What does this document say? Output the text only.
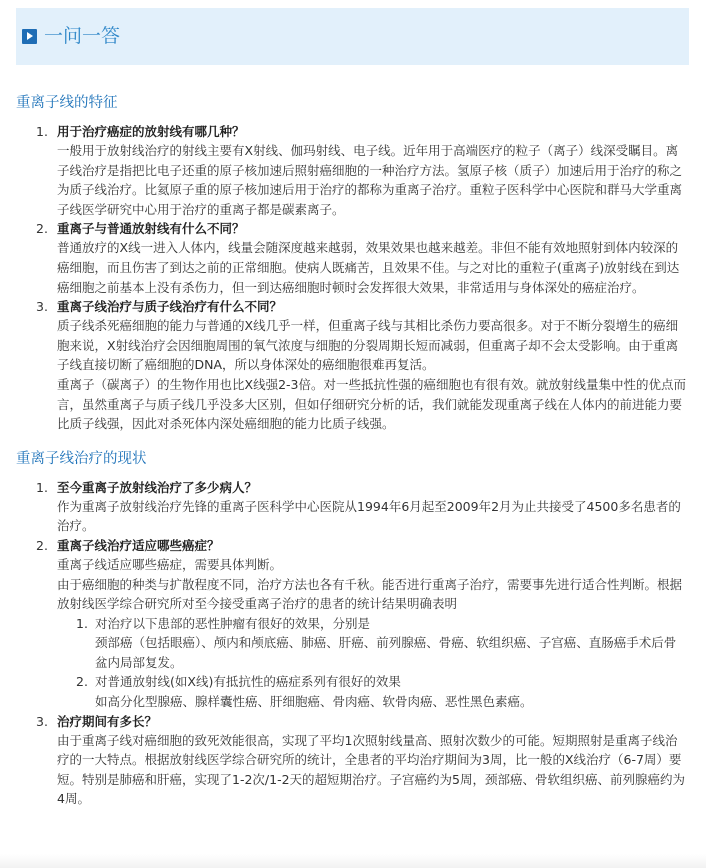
一问一答
重离子线的特征
1. 用于治疗癌症的放射线有哪几种？

一般用于放射线治疗的射线主要有X射线、伽玛射线、电子线。近年用于高端医疗的粒子（离子）线深受瞩目。离子线治疗是指把比电子还重的原子核加速后照射癌细胞的一种治疗方法。氢原子核（质子）加速后用于治疗的称之为质子线治疗。比氦原子重的原子核加速后用于治疗的都称为重离子治疗。重粒子医科学中心医院和群马大学重离子线医学研究中心用于治疗的重离子都是碳素离子。

2. 重离子与普通放射线有什么不同？

普通放疗的X线一进入人体内，线量会随深度越来越弱，效果效果也越来越差。非但不能有效地照射到体内较深的癌细胞，而且伤害了到达之前的正常细胞。使病人既痛苦，且效果不佳。与之对比的重粒子(重离子)放射线在到达癌细胞之前基本上没有杀伤力，但一到达癌细胞时顿时会发挥很大效果，非常适用与身体深处的癌症治疗。

3. 重离子线治疗与质子线治疗有什么不同？

质子线杀死癌细胞的能力与普通的X线几乎一样，但重离子线与其相比杀伤力要高很多。对于不断分裂增生的癌细胞来说，X射线治疗会因细胞周围的氧气浓度与细胞的分裂周期长短而减弱，但重离子却不会太受影响。由于重离子线直接切断了癌细胞的DNA，所以身体深处的癌细胞很难再复活。

重离子（碳离子）的生物作用也比X线强2-3倍。对一些抵抗性强的癌细胞也有很有效。就放射线量集中性的优点而言，虽然重离子与质子线几乎没多大区别，但如仔细研究分析的话，我们就能发现重离子线在人体内的前进能力要比质子线强，因此对杀死体内深处癌细胞的能力比质子线强。

重离子线治疗的现状
1. 至今重离子放射线治疗了多少病人？

作为重离子放射线治疗先锋的重离子医科学中心医院从1994年6月起至2009年2月为止共接受了4500多名患者的治疗。

2. 重离子线治疗适应哪些癌症？

重离子线适应哪些癌症，需要具体判断。

由于癌细胞的种类与扩散程度不同，治疗方法也各有千秋。能否进行重离子治疗，需要事先进行适合性判断。根据放射线医学综合研究所对至今接受重离子治疗的患者的统计结果明确表明

1. 对治疗以下患部的恶性肿瘤有很好的效果，分别是
颈部癌（包括眼癌）、颅内和颅底癌、肺癌、肝癌、前列腺癌、骨癌、软组织癌、子宫癌、直肠癌手术后骨盆内局部复发。
2. 对普通放射线(如X线)有抵抗性的癌症系列有很好的效果
如高分化型腺癌、腺样囊性癌、肝细胞癌、骨肉癌、软骨肉癌、恶性黑色素癌。
3. 治疗期间有多长？

由于重离子线对癌细胞的致死效能很高，实现了平均1次照射线量高、照射次数少的可能。短期照射是重离子线治疗的一大特点。根据放射线医学综合研究所的统计，全患者的平均治疗期间为3周，比一般的X线治疗（6-7周）要短。特别是肺癌和肝癌，实现了1-2次/1-2天的超短期治疗。子宫癌约为5周，颈部癌、骨软组织癌、前列腺癌约为4周。
